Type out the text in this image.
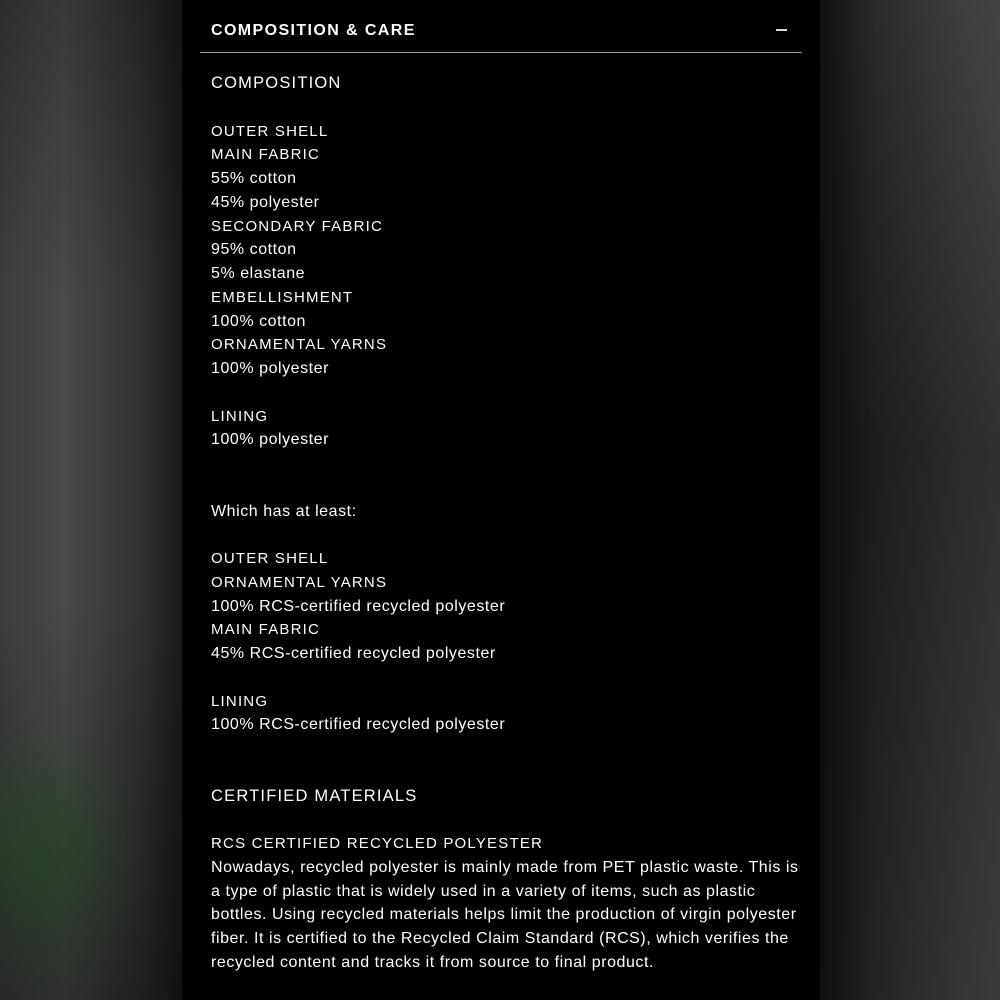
COMPOSITION & CARE
COMPOSITION
OUTER SHELL
MAIN FABRIC
55% cotton
45% polyester
SECONDARY FABRIC
95% cotton
5% elastane
EMBELLISHMENT
100% cotton
ORNAMENTAL YARNS
100% polyester
LINING
100% polyester
Which has at least:
OUTER SHELL
ORNAMENTAL YARNS
100% RCS-certified recycled polyester
MAIN FABRIC
45% RCS-certified recycled polyester
LINING
100% RCS-certified recycled polyester
CERTIFIED MATERIALS
RCS CERTIFIED RECYCLED POLYESTER
Nowadays, recycled polyester is mainly made from PET plastic waste. This is a type of plastic that is widely used in a variety of items, such as plastic bottles. Using recycled materials helps limit the production of virgin polyester fiber. It is certified to the Recycled Claim Standard (RCS), which verifies the recycled content and tracks it from source to final product.
